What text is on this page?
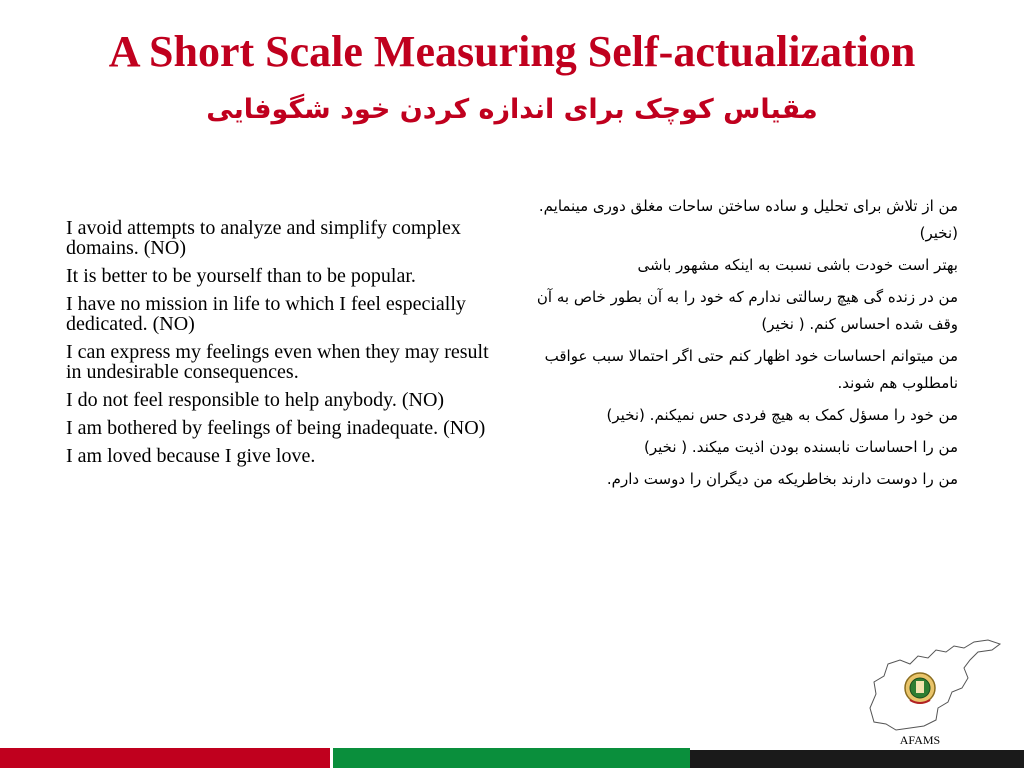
A Short Scale Measuring Self-actualization
مقیاس کوچک برای اندازه کردن خود شگوفایی
I avoid attempts to analyze and simplify complex domains. (NO)
It is better to be yourself than to be popular.
I have no mission in life to which I feel especially dedicated. (NO)
I can express my feelings even when they may result in undesirable consequences.
I do not feel responsible to help anybody. (NO)
I am bothered by feelings of being inadequate. (NO)
I am loved because I give love.
من از تلاش برای تحلیل و ساده ساختن ساحات مغلق دوری مینمایم. (نخیر)
بهتر است خودت باشی نسبت به اینکه مشهور باشی
من در زنده گی هیچ رسالتی ندارم که خود را به آن بطور خاص به آن وقف شده احساس کنم. ( نخیر)
من میتوانم احساسات خود اظهار کنم حتی اگر احتمالا سبب عواقب نامطلوب هم شوند.
من خود را مسؤل کمک به هیچ فردی حس نمیکنم. (نخیر)
من را احساسات نابسنده بودن اذیت میکند. ( نخیر)
من را دوست دارند بخاطریکه من دیگران را دوست دارم.
AFAMS
